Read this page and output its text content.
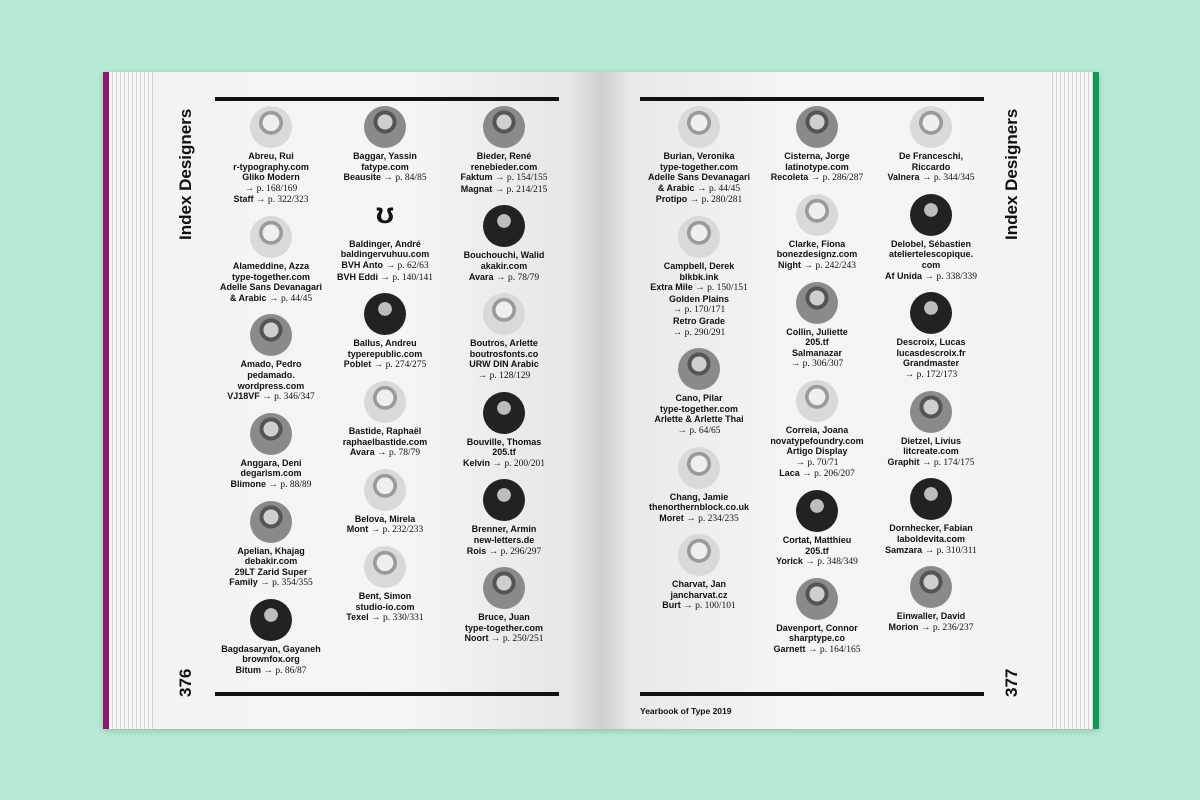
Index Designers
376
Abreu, Rui
r-typography.com
Gliko Modern
→ p. 168/169
Staff → p. 322/323
Alameddine, Azza
type-together.com
Adelle Sans Devanagari
& Arabic → p. 44/45
Amado, Pedro
pedamado.
wordpress.com
VJ18VF → p. 346/347
Anggara, Deni
degarism.com
Blimone → p. 88/89
Apelian, Khajag
debakir.com
29LT Zarid Super
Family → p. 354/355
Bagdasaryan, Gayaneh
brownfox.org
Bitum → p. 86/87
Baggar, Yassin
fatype.com
Beausite → p. 84/85
ʊ
Baldinger, André
baldingervuhuu.com
BVH Anto → p. 62/63
BVH Eddi → p. 140/141
Ballus, Andreu
typerepublic.com
Poblet → p. 274/275
Bastide, Raphaël
raphaelbastide.com
Avara → p. 78/79
Belova, Mirela
Mont → p. 232/233
Bent, Simon
studio-io.com
Texel → p. 330/331
Bieder, René
renebieder.com
Faktum → p. 154/155
Magnat → p. 214/215
Bouchouchi, Walid
akakir.com
Avara → p. 78/79
Boutros, Arlette
boutrosfonts.co
URW DIN Arabic
→ p. 128/129
Bouville, Thomas
205.tf
Kelvin → p. 200/201
Brenner, Armin
new-letters.de
Rois → p. 296/297
Bruce, Juan
type-together.com
Noort → p. 250/251
Yearbook of Type 2019
Index Designers
377
Burian, Veronika
type-together.com
Adelle Sans Devanagari
& Arabic → p. 44/45
Protipo → p. 280/281
Campbell, Derek
blkbk.ink
Extra Mile → p. 150/151
Golden Plains
→ p. 170/171
Retro Grade
→ p. 290/291
Cano, Pilar
type-together.com
Arlette & Arlette Thai
→ p. 64/65
Chang, Jamie
thenorthernblock.co.uk
Moret → p. 234/235
Charvat, Jan
jancharvat.cz
Burt → p. 100/101
Cisterna, Jorge
latinotype.com
Recoleta → p. 286/287
Clarke, Fiona
bonezdesignz.com
Night → p. 242/243
Collin, Juliette
205.tf
Salmanazar
→ p. 306/307
Correia, Joana
novatypefoundry.com
Artigo Display
→ p. 70/71
Laca → p. 206/207
Cortat, Matthieu
205.tf
Yorick → p. 348/349
Davenport, Connor
sharptype.co
Garnett → p. 164/165
De Franceschi,
Riccardo
Valnera → p. 344/345
Delobel, Sébastien
ateliertelescopique.
com
Af Unida → p. 338/339
Descroix, Lucas
lucasdescroix.fr
Grandmaster
→ p. 172/173
Dietzel, Livius
litcreate.com
Graphit → p. 174/175
Dornhecker, Fabian
laboldevita.com
Samzara → p. 310/311
Einwaller, David
Morion → p. 236/237
